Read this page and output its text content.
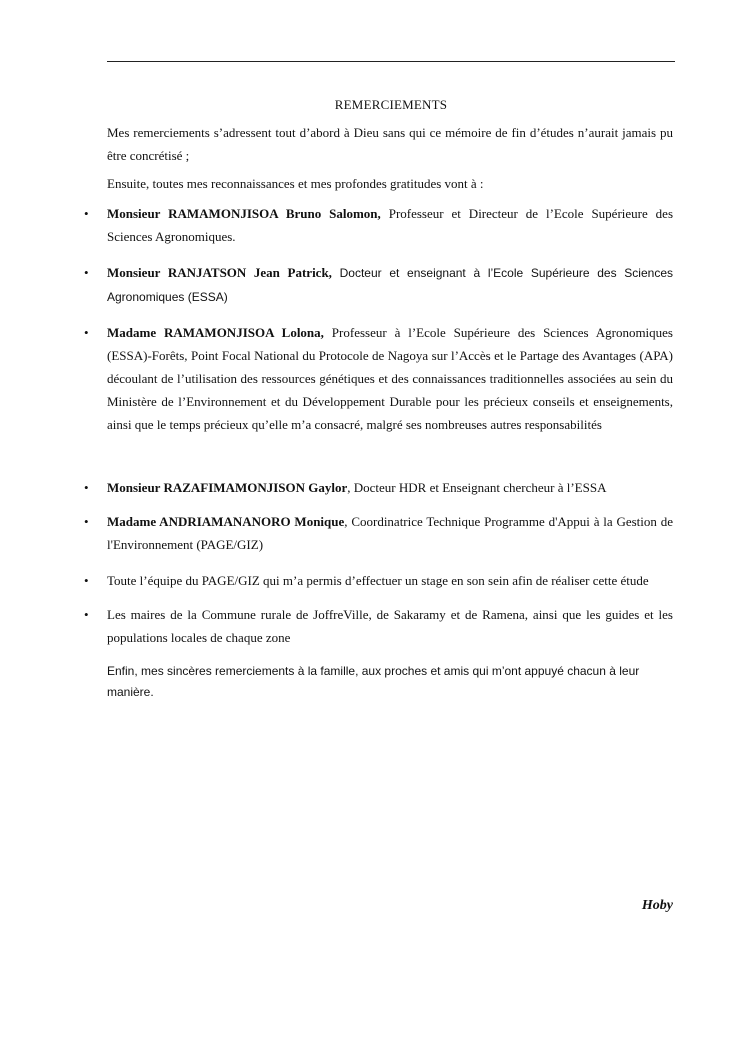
REMERCIEMENTS
Mes remerciements s’adressent tout d’abord à Dieu sans qui ce mémoire de fin d’études n’aurait jamais pu être concrétisé ;
Ensuite, toutes mes reconnaissances et mes profondes gratitudes vont à :
• Monsieur RAMAMONJISOA Bruno Salomon, Professeur et Directeur de l’Ecole Supérieure des Sciences Agronomiques.
• Monsieur RANJATSON Jean Patrick, Docteur et enseignant à l’Ecole Supérieure des Sciences Agronomiques (ESSA)
• Madame RAMAMONJISOA Lolona, Professeur à l’Ecole Supérieure des Sciences Agronomiques (ESSA)-Forêts, Point Focal National du Protocole de Nagoya sur l’Accès et le Partage des Avantages (APA) découlant de l’utilisation des ressources génétiques et des connaissances traditionnelles associées au sein du Ministère de l’Environnement et du Développement Durable pour les précieux conseils et enseignements, ainsi que le temps précieux qu’elle m’a consacré, malgré ses nombreuses autres responsabilités
• Monsieur RAZAFIMAMONJISON Gaylor, Docteur HDR et Enseignant chercheur à l’ESSA
• Madame ANDRIAMANANORO Monique, Coordinatrice Technique Programme d'Appui à la Gestion de l'Environnement (PAGE/GIZ)
• Toute l’équipe du PAGE/GIZ qui m’a permis d’effectuer un stage en son sein afin de réaliser cette étude
• Les maires de la Commune rurale de JoffreVille, de Sakaramy et de Ramena, ainsi que les guides et les populations locales de chaque zone
Enfin, mes sincères remerciements à la famille, aux proches et amis qui m’ont appuyé chacun à leur manière.
Hoby
